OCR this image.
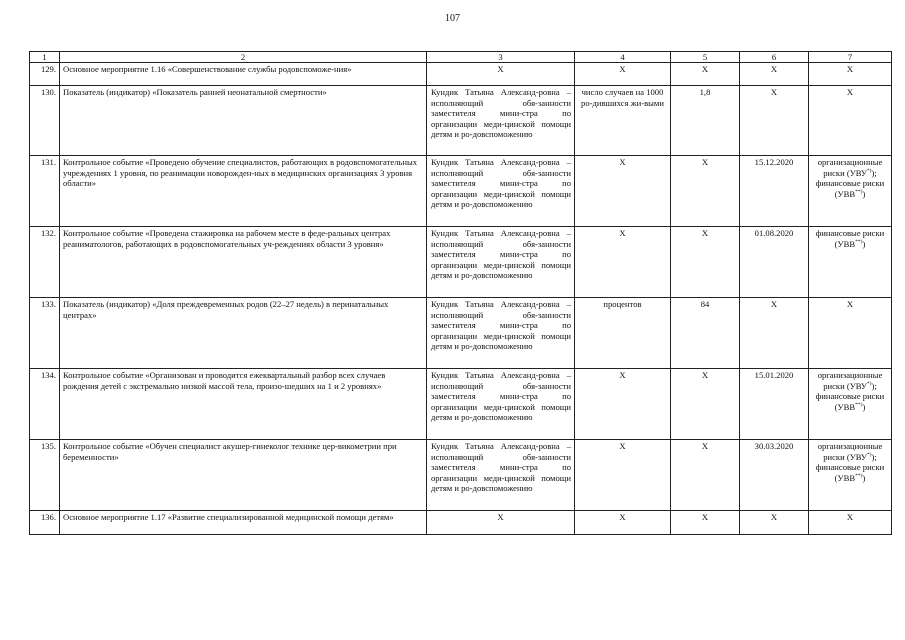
107
1	2	3	4	5	6	7
129.	Основное мероприятие 1.16 «Совершенствование службы родовспоможе-ния»	X	X	X	X	X
130.	Показатель (индикатор) «Показатель ранней неонатальной смертности»	Кундик Татьяна Александ-ровна – исполняющий обя-занности заместителя мини-стра по организации меди-цинской помощи детям и ро-довспоможению	число случаев на 1000 ро-дившихся жи-выми	1,8	X	X
131.	Контрольное событие «Проведено обучение специалистов, работающих в родовспомогательных учреждениях 1 уровня, по реанимации новорожден-ных в медицинских организациях 3 уровня области»	Кундик Татьяна Александ-ровна – исполняющий обя-занности заместителя мини-стра по организации меди-цинской помощи детям и ро-довспоможению	X	X	15.12.2020	организационные риски (УВУ*));
финансовые риски (УВВ**))

132.	Контрольное событие «Проведена стажировка на рабочем месте в феде-ральных центрах реаниматологов, работающих в родовспомогательных уч-реждениях области 3 уровня»	Кундик Татьяна Александ-ровна – исполняющий обя-занности заместителя мини-стра по организации меди-цинской помощи детям и ро-довспоможению	X	X	01.08.2020	финансовые риски (УВВ**))

133.	Показатель (индикатор) «Доля преждевременных родов (22–27 недель) в перинатальных центрах»	Кундик Татьяна Александ-ровна – исполняющий обя-занности заместителя мини-стра по организации меди-цинской помощи детям и ро-довспоможению	процентов	84	X	X
134.	Контрольное событие «Организован и проводится ежеквартальный разбор всех случаев рождения детей с экстремально низкой массой тела, произо-шедших на 1 и 2 уровнях»	Кундик Татьяна Александ-ровна – исполняющий обя-занности заместителя мини-стра по организации меди-цинской помощи детям и ро-довспоможению	X	X	15.01.2020	организационные риски (УВУ*));
финансовые риски (УВВ**))

135.	Контрольное событие «Обучен специалист акушер-гинеколог технике цер-викометрии при беременности»	Кундик Татьяна Александ-ровна – исполняющий обя-занности заместителя мини-стра по организации меди-цинской помощи детям и ро-довспоможению	X	X	30.03.2020	организационные риски (УВУ*));
финансовые риски (УВВ**))

136.	Основное мероприятие 1.17 «Развитие специализированной медицинской помощи детям»	X	X	X	X	X
